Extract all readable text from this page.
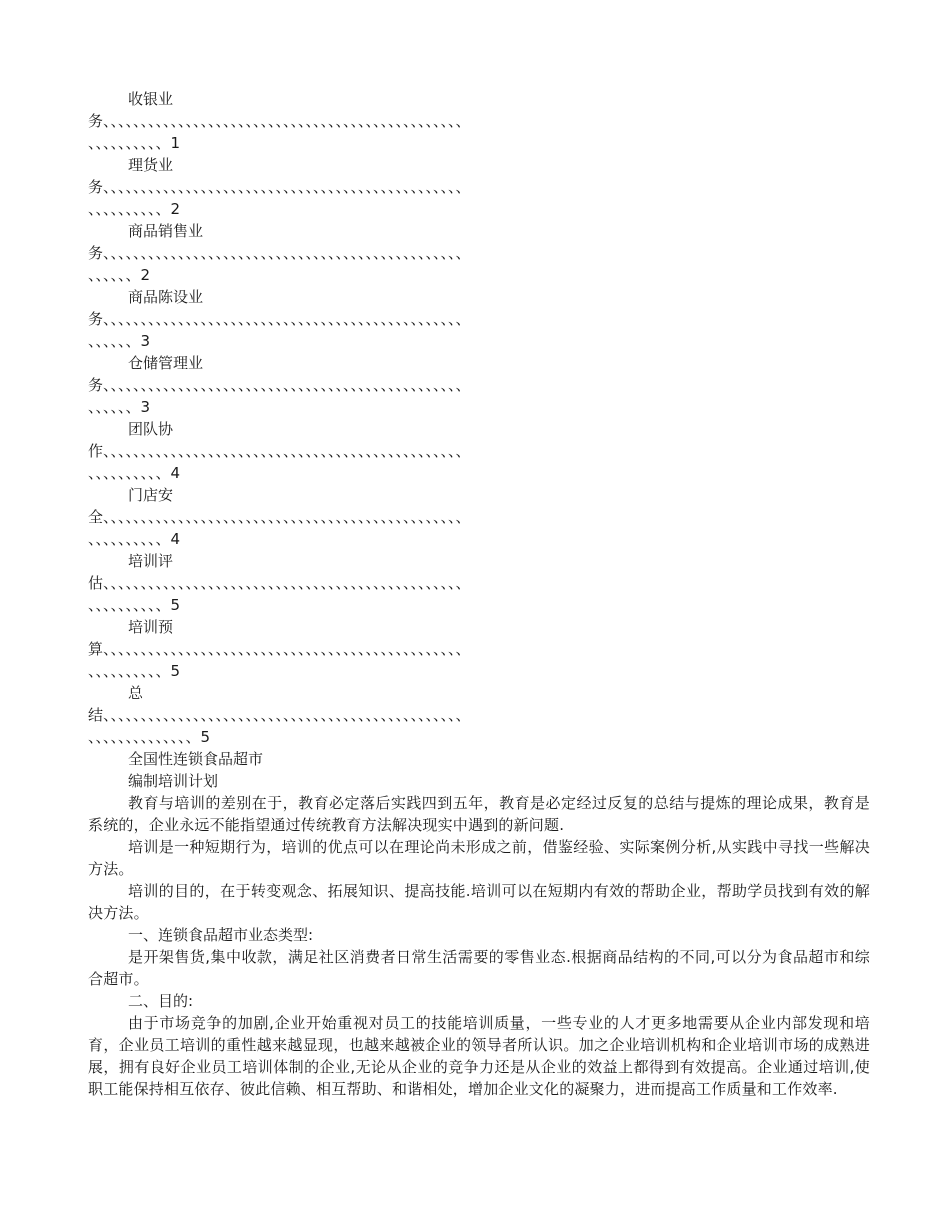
收银业
务、、、、、、、、、、、、、、、、、、、、、、、、、、、、、、、、、、、、、、、、、、、、、、、、
、、、、、、、、、、1
理货业
务、、、、、、、、、、、、、、、、、、、、、、、、、、、、、、、、、、、、、、、、、、、、、、、、
、、、、、、、、、、2
商品销售业
务、、、、、、、、、、、、、、、、、、、、、、、、、、、、、、、、、、、、、、、、、、、、、、、、
、、、、、、2
商品陈设业
务、、、、、、、、、、、、、、、、、、、、、、、、、、、、、、、、、、、、、、、、、、、、、、、、
、、、、、、3
仓储管理业
务、、、、、、、、、、、、、、、、、、、、、、、、、、、、、、、、、、、、、、、、、、、、、、、、
、、、、、、3
团队协
作、、、、、、、、、、、、、、、、、、、、、、、、、、、、、、、、、、、、、、、、、、、、、、、、
、、、、、、、、、、4
门店安
全、、、、、、、、、、、、、、、、、、、、、、、、、、、、、、、、、、、、、、、、、、、、、、、、
、、、、、、、、、、4
培训评
估、、、、、、、、、、、、、、、、、、、、、、、、、、、、、、、、、、、、、、、、、、、、、、、、
、、、、、、、、、、5
培训预
算、、、、、、、、、、、、、、、、、、、、、、、、、、、、、、、、、、、、、、、、、、、、、、、、
、、、、、、、、、、5
总
结、、、、、、、、、、、、、、、、、、、、、、、、、、、、、、、、、、、、、、、、、、、、、、、、
、、、、、、、、、、、、、、5
全国性连锁食品超市
编制培训计划

教育与培训的差别在于，教育必定落后实践四到五年，教育是必定经过反复的总结与提炼的理论成果，教育是系统的，企业永远不能指望通过传统教育方法解决现实中遇到的新问题.

培训是一种短期行为，培训的优点可以在理论尚未形成之前，借鉴经验、实际案例分析,从实践中寻找一些解决方法。

培训的目的，在于转变观念、拓展知识、提高技能.培训可以在短期内有效的帮助企业，帮助学员找到有效的解决方法。

一、连锁食品超市业态类型:

是开架售货,集中收款，满足社区消费者日常生活需要的零售业态.根据商品结构的不同,可以分为食品超市和综合超市。

二、目的:

由于市场竞争的加剧,企业开始重视对员工的技能培训质量，一些专业的人才更多地需要从企业内部发现和培育，企业员工培训的重性越来越显现，也越来越被企业的领导者所认识。加之企业培训机构和企业培训市场的成熟进展，拥有良好企业员工培训体制的企业,无论从企业的竞争力还是从企业的效益上都得到有效提高。企业通过培训,使职工能保持相互依存、彼此信赖、相互帮助、和谐相处，增加企业文化的凝聚力，进而提高工作质量和工作效率.
